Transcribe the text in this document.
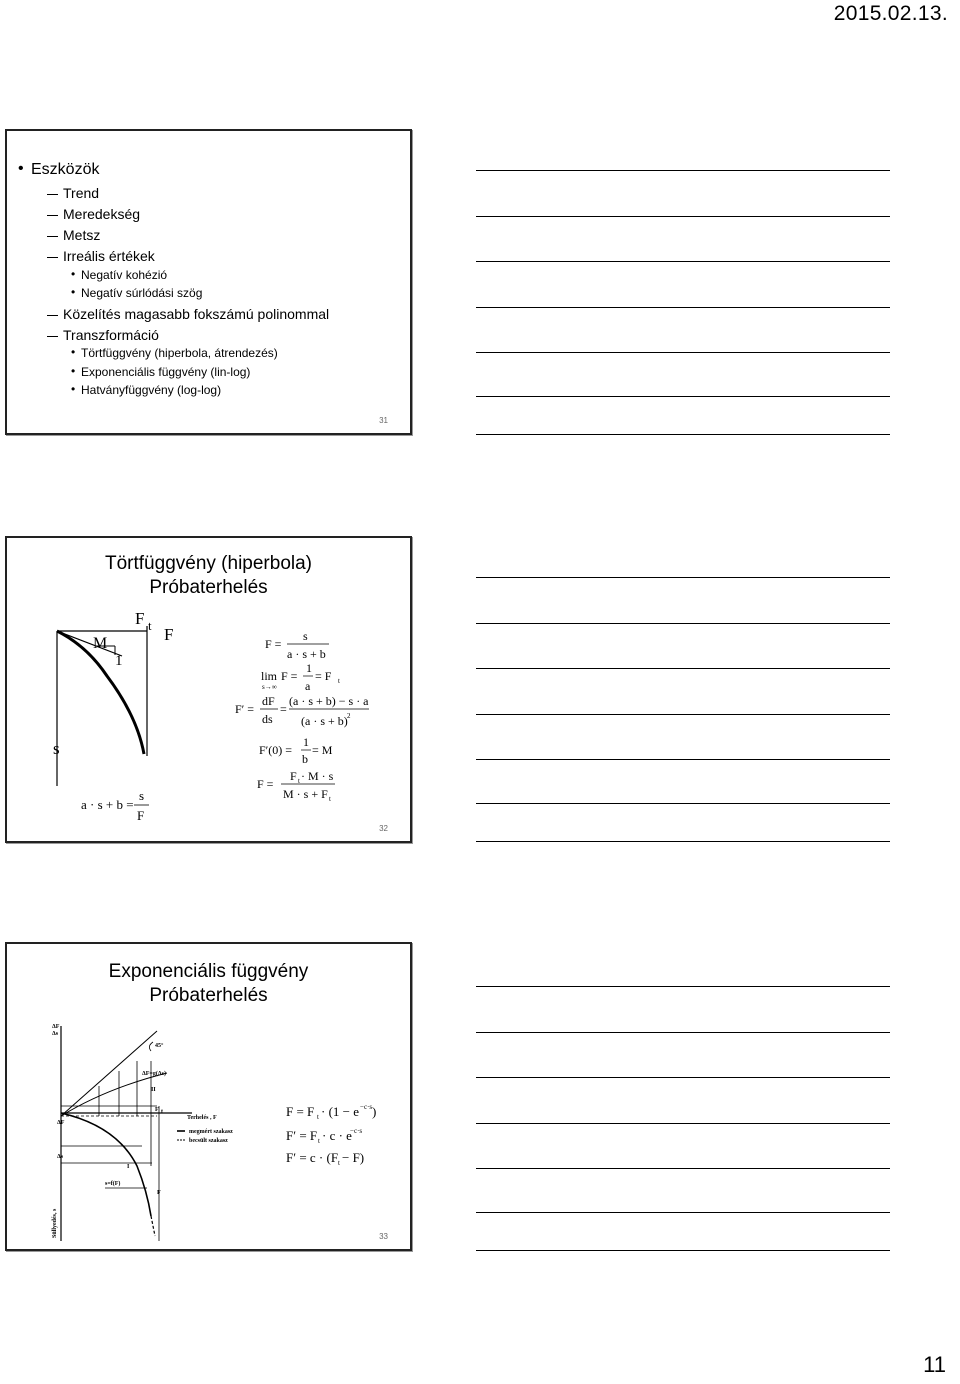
2015.02.13.
• Eszközök
Trend
Meredekség
Metsz
Irreális értékek
• Negatív kohézió
• Negatív súrlódási szög
Közelítés magasabb fokszámú polinommal
Transzformáció
• Törtfüggvény (hiperbola, átrendezés)
• Exponenciális függvény (lin-log)
• Hatványfüggvény (log-log)
31
Törtfüggvény (hiperbola)
Próbaterhelés
M
1
F t F
s
a · s + b =
s
F
F =
s
a · s + b
lim
s→∞
F =
1
a
= F t
F′ =
dF
ds
=
(a · s + b) − s · a
(a · s + b) 2
F′(0) =
1
b
= M
F =
F t · M · s
M · s + F t
32
Exponenciális függvény
Próbaterhelés
ΔF
Δs
45°
ΔF=g(Δs)
II
ΔF
Δs
F t
Terhelés , F
megmért szakasz
becsült szakasz
I
s=f(F)
F
Süllyedés, s
F = F t · (1 − e −c·s )
F′ = F t · c · e
−c·s
F′ = c · (F t − F)
33
11
